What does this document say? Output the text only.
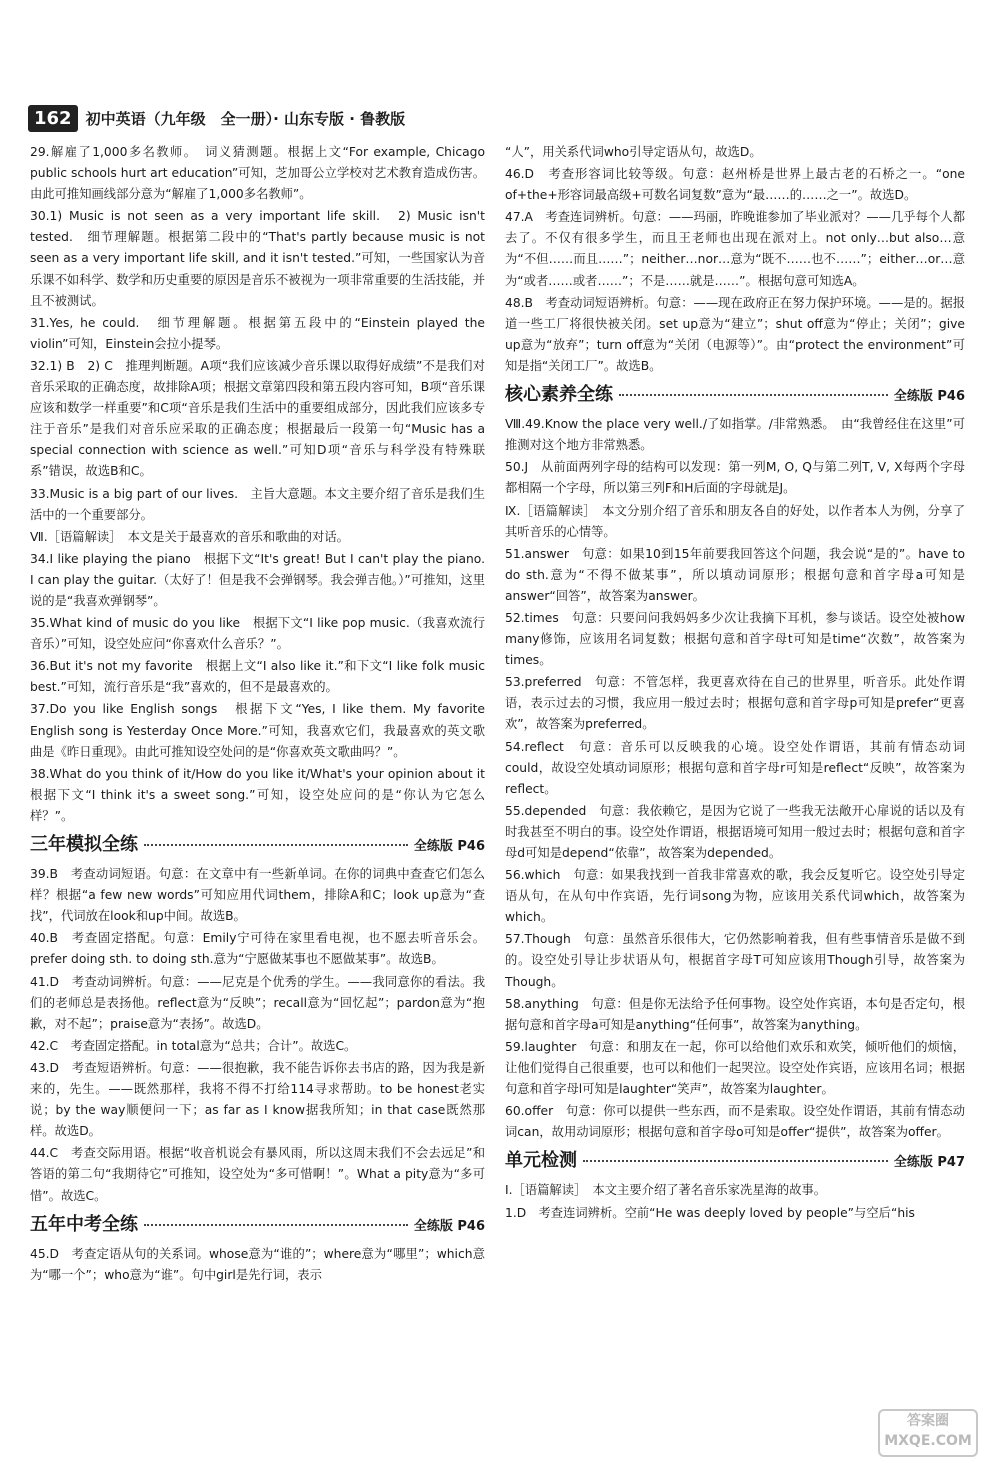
162 初中英语（九年级　全一册）· 山东专版 · 鲁教版
29.解雇了1,000多名教师。　词义猜测题。根据上文“For example, Chicago public schools hurt art education”可知，芝加哥公立学校对艺术教育造成伤害。由此可推知画线部分意为“解雇了1,000多名教师”。
30.1) Music is not seen as a very important life skill.　2) Music isn't tested.　细节理解题。根据第二段中的“That's partly because music is not seen as a very important life skill, and it isn't tested.”可知，一些国家认为音乐课不如科学、数学和历史重要的原因是音乐不被视为一项非常重要的生活技能，并且不被测试。
31.Yes, he could.　细节理解题。根据第五段中的“Einstein played the violin”可知，Einstein会拉小提琴。
32.1) B　2) C　推理判断题。A项“我们应该减少音乐课以取得好成绩”不是我们对音乐采取的正确态度，故排除A项；根据文章第四段和第五段内容可知，B项“音乐课应该和数学一样重要”和C项“音乐是我们生活中的重要组成部分，因此我们应该多专注于音乐”是我们对音乐应采取的正确态度；根据最后一段第一句“Music has a special connection with science as well.”可知D项“音乐与科学没有特殊联系”错误，故选B和C。
33.Music is a big part of our lives.　主旨大意题。本文主要介绍了音乐是我们生活中的一个重要部分。
Ⅶ.［语篇解读］　本文是关于最喜欢的音乐和歌曲的对话。
34.I like playing the piano　根据下文“It's great! But I can't play the piano. I can play the guitar.（太好了！但是我不会弹钢琴。我会弹吉他。）”可推知，这里说的是“我喜欢弹钢琴”。
35.What kind of music do you like　根据下文“I like pop music.（我喜欢流行音乐）”可知，设空处应问“你喜欢什么音乐？”。
36.But it's not my favorite　根据上文“I also like it.”和下文“I like folk music best.”可知，流行音乐是“我”喜欢的，但不是最喜欢的。
37.Do you like English songs　根据下文“Yes, I like them. My favorite English song is Yesterday Once More.”可知，我喜欢它们，我最喜欢的英文歌曲是《昨日重现》。由此可推知设空处问的是“你喜欢英文歌曲吗？”。
38.What do you think of it/How do you like it/What's your opinion about it　根据下文“I think it's a sweet song.”可知，设空处应问的是“你认为它怎么样？”。
三年模拟全练	全练版 P46
39.B　考查动词短语。句意：在文章中有一些新单词。在你的词典中查查它们怎么样？根据“a few new words”可知应用代词them，排除A和C；look up意为“查找”，代词放在look和up中间。故选B。
40.B　考查固定搭配。句意：Emily宁可待在家里看电视，也不愿去听音乐会。prefer doing sth. to doing sth.意为“宁愿做某事也不愿做某事”。故选B。
41.D　考查动词辨析。句意：——尼克是个优秀的学生。——我同意你的看法。我们的老师总是表扬他。reflect意为“反映”；recall意为“回忆起”；pardon意为“抱歉，对不起”；praise意为“表扬”。故选D。
42.C　考查固定搭配。in total意为“总共；合计”。故选C。
43.D　考查短语辨析。句意：——很抱歉，我不能告诉你去书店的路，因为我是新来的，先生。——既然那样，我将不得不打给114寻求帮助。to be honest老实说；by the way顺便问一下；as far as I know据我所知；in that case既然那样。故选D。
44.C　考查交际用语。根据“收音机说会有暴风雨，所以这周末我们不会去远足”和答语的第二句“我期待它”可推知，设空处为“多可惜啊！”。What a pity意为“多可惜”。故选C。
五年中考全练	全练版 P46
45.D　考查定语从句的关系词。whose意为“谁的”；where意为“哪里”；which意为“哪一个”；who意为“谁”。句中girl是先行词，表示
“人”，用关系代词who引导定语从句，故选D。
46.D　考查形容词比较等级。句意：赵州桥是世界上最古老的石桥之一。“one of+the+形容词最高级+可数名词复数”意为“最……的……之一”。故选D。
47.A　考查连词辨析。句意：——玛丽，昨晚谁参加了毕业派对？——几乎每个人都去了。不仅有很多学生，而且王老师也出现在派对上。not only…but also…意为“不但……而且……”；neither…nor…意为“既不……也不……”；either…or…意为“或者……或者……”；不是……就是……”。根据句意可知选A。
48.B　考查动词短语辨析。句意：——现在政府正在努力保护环境。——是的。据报道一些工厂将很快被关闭。set up意为“建立”；shut off意为“停止；关闭”；give up意为“放弃”；turn off意为“关闭（电源等）”。由“protect the environment”可知是指“关闭工厂”。故选B。
核心素养全练	全练版 P46
Ⅷ.49.Know the place very well./了如指掌。/非常熟悉。　由“我曾经住在这里”可推测对这个地方非常熟悉。
50.J　从前面两列字母的结构可以发现：第一列M, O, Q与第二列T, V, X每两个字母都相隔一个字母，所以第三列F和H后面的字母就是J。
Ⅸ.［语篇解读］　本文分别介绍了音乐和朋友各自的好处，以作者本人为例，分享了其听音乐的心情等。
51.answer　句意：如果10到15年前要我回答这个问题，我会说“是的”。have to do sth.意为“不得不做某事”，所以填动词原形；根据句意和首字母a可知是answer“回答”，故答案为answer。
52.times　句意：只要问问我妈妈多少次让我摘下耳机，参与谈话。设空处被how many修饰，应该用名词复数；根据句意和首字母t可知是time“次数”，故答案为times。
53.preferred　句意：不管怎样，我更喜欢待在自己的世界里，听音乐。此处作谓语，表示过去的习惯，我应用一般过去时；根据句意和首字母p可知是prefer“更喜欢”，故答案为preferred。
54.reflect　句意：音乐可以反映我的心境。设空处作谓语，其前有情态动词could，故设空处填动词原形；根据句意和首字母r可知是reflect“反映”，故答案为reflect。
55.depended　句意：我依赖它，是因为它说了一些我无法敞开心扉说的话以及有时我甚至不明白的事。设空处作谓语，根据语境可知用一般过去时；根据句意和首字母d可知是depend“依靠”，故答案为depended。
56.which　句意：如果我找到一首我非常喜欢的歌，我会反复听它。设空处引导定语从句，在从句中作宾语，先行词song为物，应该用关系代词which，故答案为which。
57.Though　句意：虽然音乐很伟大，它仍然影响着我，但有些事情音乐是做不到的。设空处引导让步状语从句，根据首字母T可知应该用Though引导，故答案为Though。
58.anything　句意：但是你无法给予任何事物。设空处作宾语，本句是否定句，根据句意和首字母a可知是anything“任何事”，故答案为anything。
59.laughter　句意：和朋友在一起，你可以给他们欢乐和欢笑，倾听他们的烦恼，让他们觉得自己很重要，也可以和他们一起哭泣。设空处作宾语，应该用名词；根据句意和首字母l可知是laughter“笑声”，故答案为laughter。
60.offer　句意：你可以提供一些东西，而不是索取。设空处作谓语，其前有情态动词can，故用动词原形；根据句意和首字母o可知是offer“提供”，故答案为offer。
单元检测	全练版 P47
Ⅰ.［语篇解读］　本文主要介绍了著名音乐家冼星海的故事。
1.D　考查连词辨析。空前“He was deeply loved by people”与空后“his
答案圈
MXQE.COM
